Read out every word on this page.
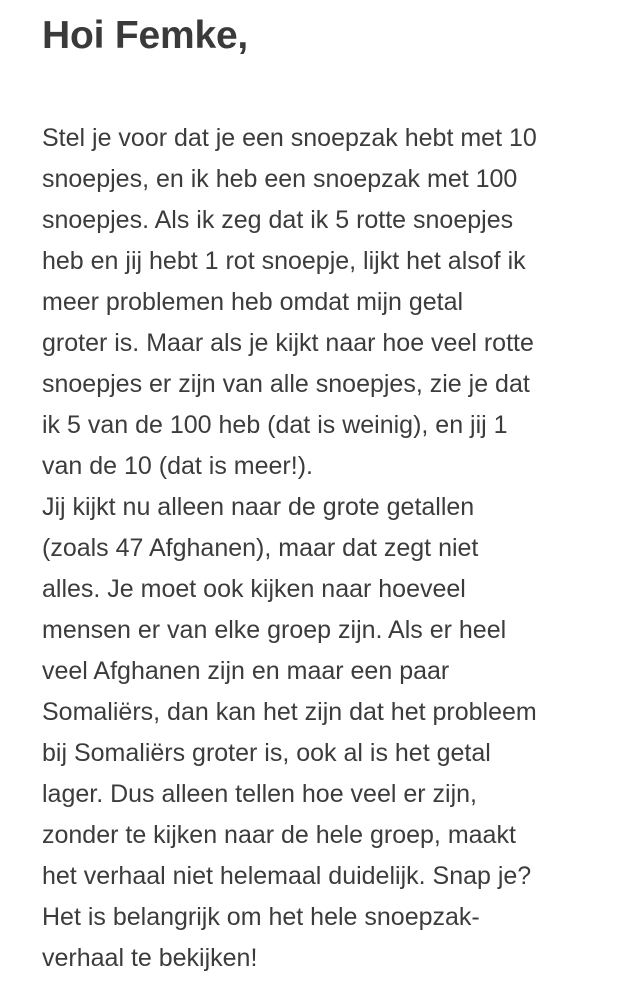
Hoi Femke,

Stel je voor dat je een snoepzak hebt met 10
snoepjes, en ik heb een snoepzak met 100
snoepjes. Als ik zeg dat ik 5 rotte snoepjes
heb en jij hebt 1 rot snoepje, lijkt het alsof ik
meer problemen heb omdat mijn getal
groter is. Maar als je kijkt naar hoe veel rotte
snoepjes er zijn van alle snoepjes, zie je dat
ik 5 van de 100 heb (dat is weinig), en jij 1
van de 10 (dat is meer!).

Jij kijkt nu alleen naar de grote getallen
(zoals 47 Afghanen), maar dat zegt niet
alles. Je moet ook kijken naar hoeveel
mensen er van elke groep zijn. Als er heel
veel Afghanen zijn en maar een paar
Somaliërs, dan kan het zijn dat het probleem
bij Somaliërs groter is, ook al is het getal
lager. Dus alleen tellen hoe veel er zijn,
zonder te kijken naar de hele groep, maakt
het verhaal niet helemaal duidelijk. Snap je?
Het is belangrijk om het hele snoepzak-
verhaal te bekijken!
